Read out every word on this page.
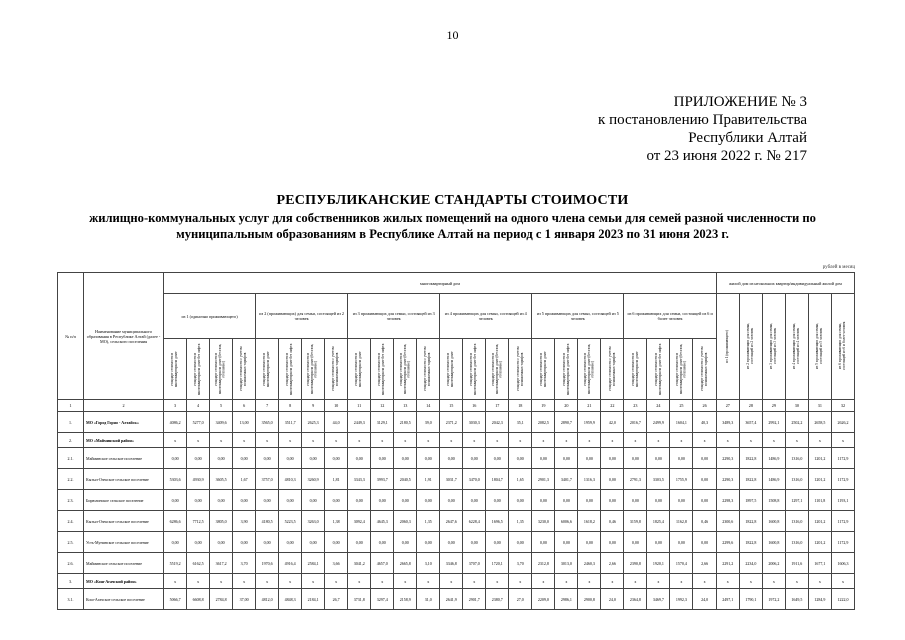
10
ПРИЛОЖЕНИЕ № 3
к постановлению Правительства
Республики Алтай
от 23 июня 2022 г. № 217
РЕСПУБЛИКАНСКИЕ СТАНДАРТЫ СТОИМОСТИ
жилищно-коммунальных услуг для собственников жилых помещений на одного члена семьи для семей разной численности по муниципальным образованиям в Республике Алтай на период с 1 января 2023 по 31 июня 2023 г.
рублей в месяц
№ п/п	Наименование муниципального образования в Республике Алтай (далее - МО), сельского поселения	многоквартирный дом																								жилой дом из нескольких квартир/индивидуальный жилой дом					
		из 1 (одиночно проживающего)				из 2 (проживающих) для семьи, состоящей из 2 человек				из 3 проживающих для семьи, состоящей из 3 человек				из 4 проживающих для семьи, состоящей из 4 человек				из 5 проживающих для семьи, состоящей из 5 человек				из 6 проживающих для семьи, состоящей из 6 и более человек				из 1 (проживающего)	из 2 проживающих для семьи, состоящей из 2 человек	из 3 проживающих для семьи, состоящей из 3 человек	из 4 проживающих для семьи, состоящей из 4 человек	из 5 проживающих для семьи, состоящей из 5 человек	из 6 проживающих для семьи, состоящей из 6 и более человек
		стандарт стоимости в многоквартирном доме	стандарт стоимости в многоквартирном доме без лифта	стандарт стоимости в многоквартирном доме (без газа, отопление)	стандарт стоимости с учетом пониженных тарифов	стандарт стоимости в многоквартирном доме	стандарт стоимости в многоквартирном доме без лифта	стандарт стоимости в многоквартирном доме (без газа, отопление)	стандарт стоимости с учетом пониженных тарифов	стандарт стоимости в многоквартирном доме	стандарт стоимости в многоквартирном доме без лифта	стандарт стоимости в многоквартирном доме (без газа, отопление)	стандарт стоимости с учетом пониженных тарифов	стандарт стоимости в многоквартирном доме	стандарт стоимости в многоквартирном доме без лифта	стандарт стоимости в многоквартирном доме (без газа, отопление)	стандарт стоимости с учетом пониженных тарифов	стандарт стоимости в многоквартирном доме	стандарт стоимости в многоквартирном доме без лифта	стандарт стоимости в многоквартирном доме (без газа, отопление)	стандарт стоимости с учетом пониженных тарифов	стандарт стоимости в многоквартирном доме	стандарт стоимости в многоквартирном доме без лифта	стандарт стоимости в многоквартирном доме (без газа, отопление)	стандарт стоимости с учетом пониженных тарифов						
1	2	3	4	5	6	7	8	9	10	11	12	13	14	15	16	17	18	19	20	21	22	23	24	25	26	27	28	29	30	31	32
1.	МО «Город Горно - Алтайск»	4086,2	5277,0	3409,6	13,00	3565,0	3511,7	2625,3	44,0	2449,3	3129,1	2180,5	39,0	2371,2	3030,3	2042,3	35,1	2082,5	2890,7	1959,9	42,0	2016,7	2499,9	1604,1	40,3	3489,3	3657,4	2992,1	2502,2	2658,5	2626,2
2.	МО «Майминский район»	х	х	х	х	х	х	х	х	х	х	х	х	х	х	х	х	х	х	х	х	х	х	х	х	х	х	х	х	х	х
2.1.	Майминское сельское поселение	0,00	0,00	0,00	0,00	0,00	0,00	0,00	0,00	0,00	0,00	0,00	0,00	0,00	0,00	0,00	0,00	0,00	0,00	0,00	0,00	0,00	0,00	0,00	0,00	2290,3	1822,8	1486,9	1316,0	1201,2	1172,9
2.2.	Кызыл-Озекское сельское поселение	5303,6	4930,9	3605,5	1,67	3757,0	4810,3	3260,9	1,81	3343,3	3993,7	2040,5	1,91	3031,7	3470,0	1804,7	1,65	2901,3	3401,7	1316,3	0,00	2791,3	3303,5	1755,9	0,00	2290,3	1822,8	1486,9	1316,0	1201,2	1172,9
2.3.	Бирюлинское сельское поселение	0,00	0,00	0,00	0,00	0,00	0,00	0,00	0,00	0,00	0,00	0,00	0,00	0,00	0,00	0,00	0,00	0,00	0,00	0,00	0,00	0,00	0,00	0,00	0,00	2298,3	1897,5	1508,8	1297,1	1101,8	1193,1
2.4.	Кызыл-Озекское сельское поселение	6286,6	7712,5	3805,0	3,90	4180,5	5223,5	3263,0	1,38	3092,4	4645,3	2060,3	1,35	2647,6	6228,4	1696,5	1,35	3230,0	6006,6	1618,2	0,46	3159,8	1825,4	1162,8	0,46	2300,6	1822,8	1600,8	1316,0	1201,2	1172,9
2.5.	Усть-Мунинское сельское поселение	0,00	0,00	0,00	0,00	0,00	0,00	0,00	0,00	0,00	0,00	0,00	0,00	0,00	0,00	0,00	0,00	0,00	0,00	0,00	0,00	0,00	0,00	0,00	0,00	2299,6	1822,8	1600,8	1316,0	1201,2	1172,9
2.6.	Майминское сельское поселение	5519,2	6162,5	3617,2	3,70	1970,6	4916,4	2584,1	3,66	3041,2	4657,0	2665,8	3,10	3346,8	3707,0	1720,1	3,70	2312,8	3013,0	2460,3	2,66	2390,8	1920,1	1570,4	2,66	2291,2	2234,0	2006,2	1911,6	1677,1	1606,3
3.	МО «Кош-Агачский район»	х	х	х	х	х	х	х	х	х	х	х	х	х	х	х	х	х	х	х	х	х	х	х	х	х	х	х	х	х	х
3.1.	Кош-Агачское сельское поселение	5066,7	6608,8	2784,8	37,00	4812,0	4848,3	2184,1	26,7	3731,8	3297,4	2158,9	31,0	2641,9	2901,7	2380,7	27,0	2209,0	2986,1	2900,8	24,0	2364,8	3469,7	1992,3	24,0	2497,1	1790,1	1972,2	1649,5	1284,9	1222,0
